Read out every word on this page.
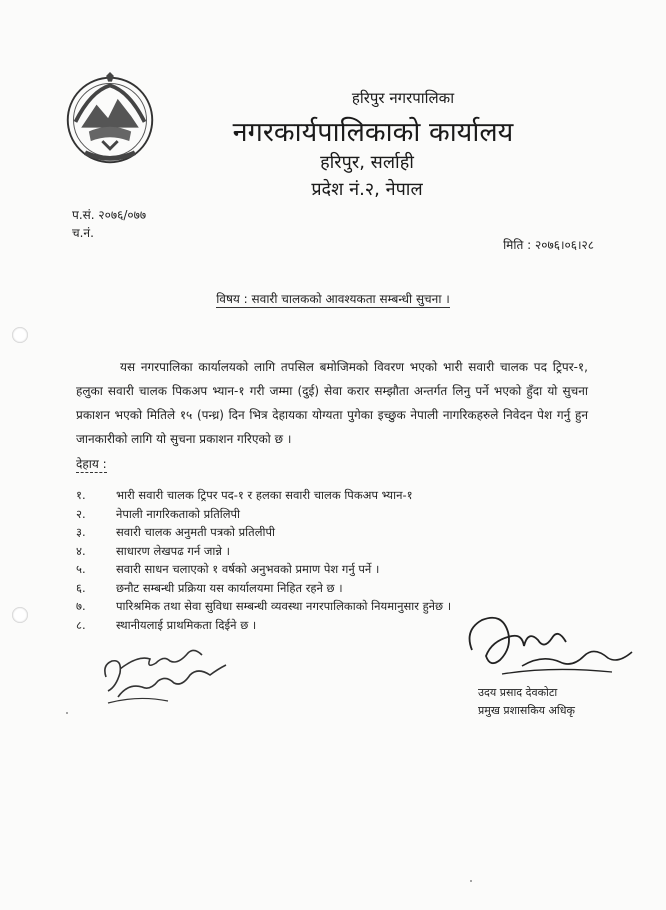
हरिपुर नगरपालिका
नगरकार्यपालिकाको कार्यालय
हरिपुर, सर्लाही
प्रदेश नं.२, नेपाल
प.सं. २०७६/०७७
च.नं.
मिति : २०७६।०६।२८
विषय : सवारी चालकको आवश्यकता सम्बन्धी सुचना ।
यस नगरपालिका कार्यालयको लागि तपसिल बमोजिमको विवरण भएको भारी सवारी चालक पद ट्रिपर-१, हलुका सवारी चालक पिकअप भ्यान-१ गरी जम्मा (दुई) सेवा करार सम्झौता अन्तर्गत लिनु पर्ने भएको हुँदा यो सुचना प्रकाशन भएको मितिले १५ (पन्ध्र) दिन भित्र देहायका योग्यता पुगेका इच्छुक नेपाली नागरिकहरुले निवेदन पेश गर्नु हुन जानकारीको लागि यो सुचना प्रकाशन गरिएको छ ।
देहाय :
१.	भारी सवारी चालक ट्रिपर पद-१ र हलका सवारी चालक पिकअप भ्यान-१
२.	नेपाली नागरिकताको प्रतिलिपी
३.	सवारी चालक अनुमती पत्रको प्रतिलीपी
४.	साधारण लेखपढ गर्न जान्ने ।
५.	सवारी साधन चलाएको १ वर्षको अनुभवको प्रमाण पेश गर्नु पर्ने ।
६.	छनौट सम्बन्धी प्रक्रिया यस कार्यालयमा निहित रहने छ ।
७.	पारिश्रमिक तथा सेवा सुविधा सम्बन्धी व्यवस्था नगरपालिकाको नियमानुसार हुनेछ ।
८.	स्थानीयलाई प्राथमिकता दिईने छ ।
उदय प्रसाद देवकोटा
प्रमुख प्रशासकिय अधिकृ
